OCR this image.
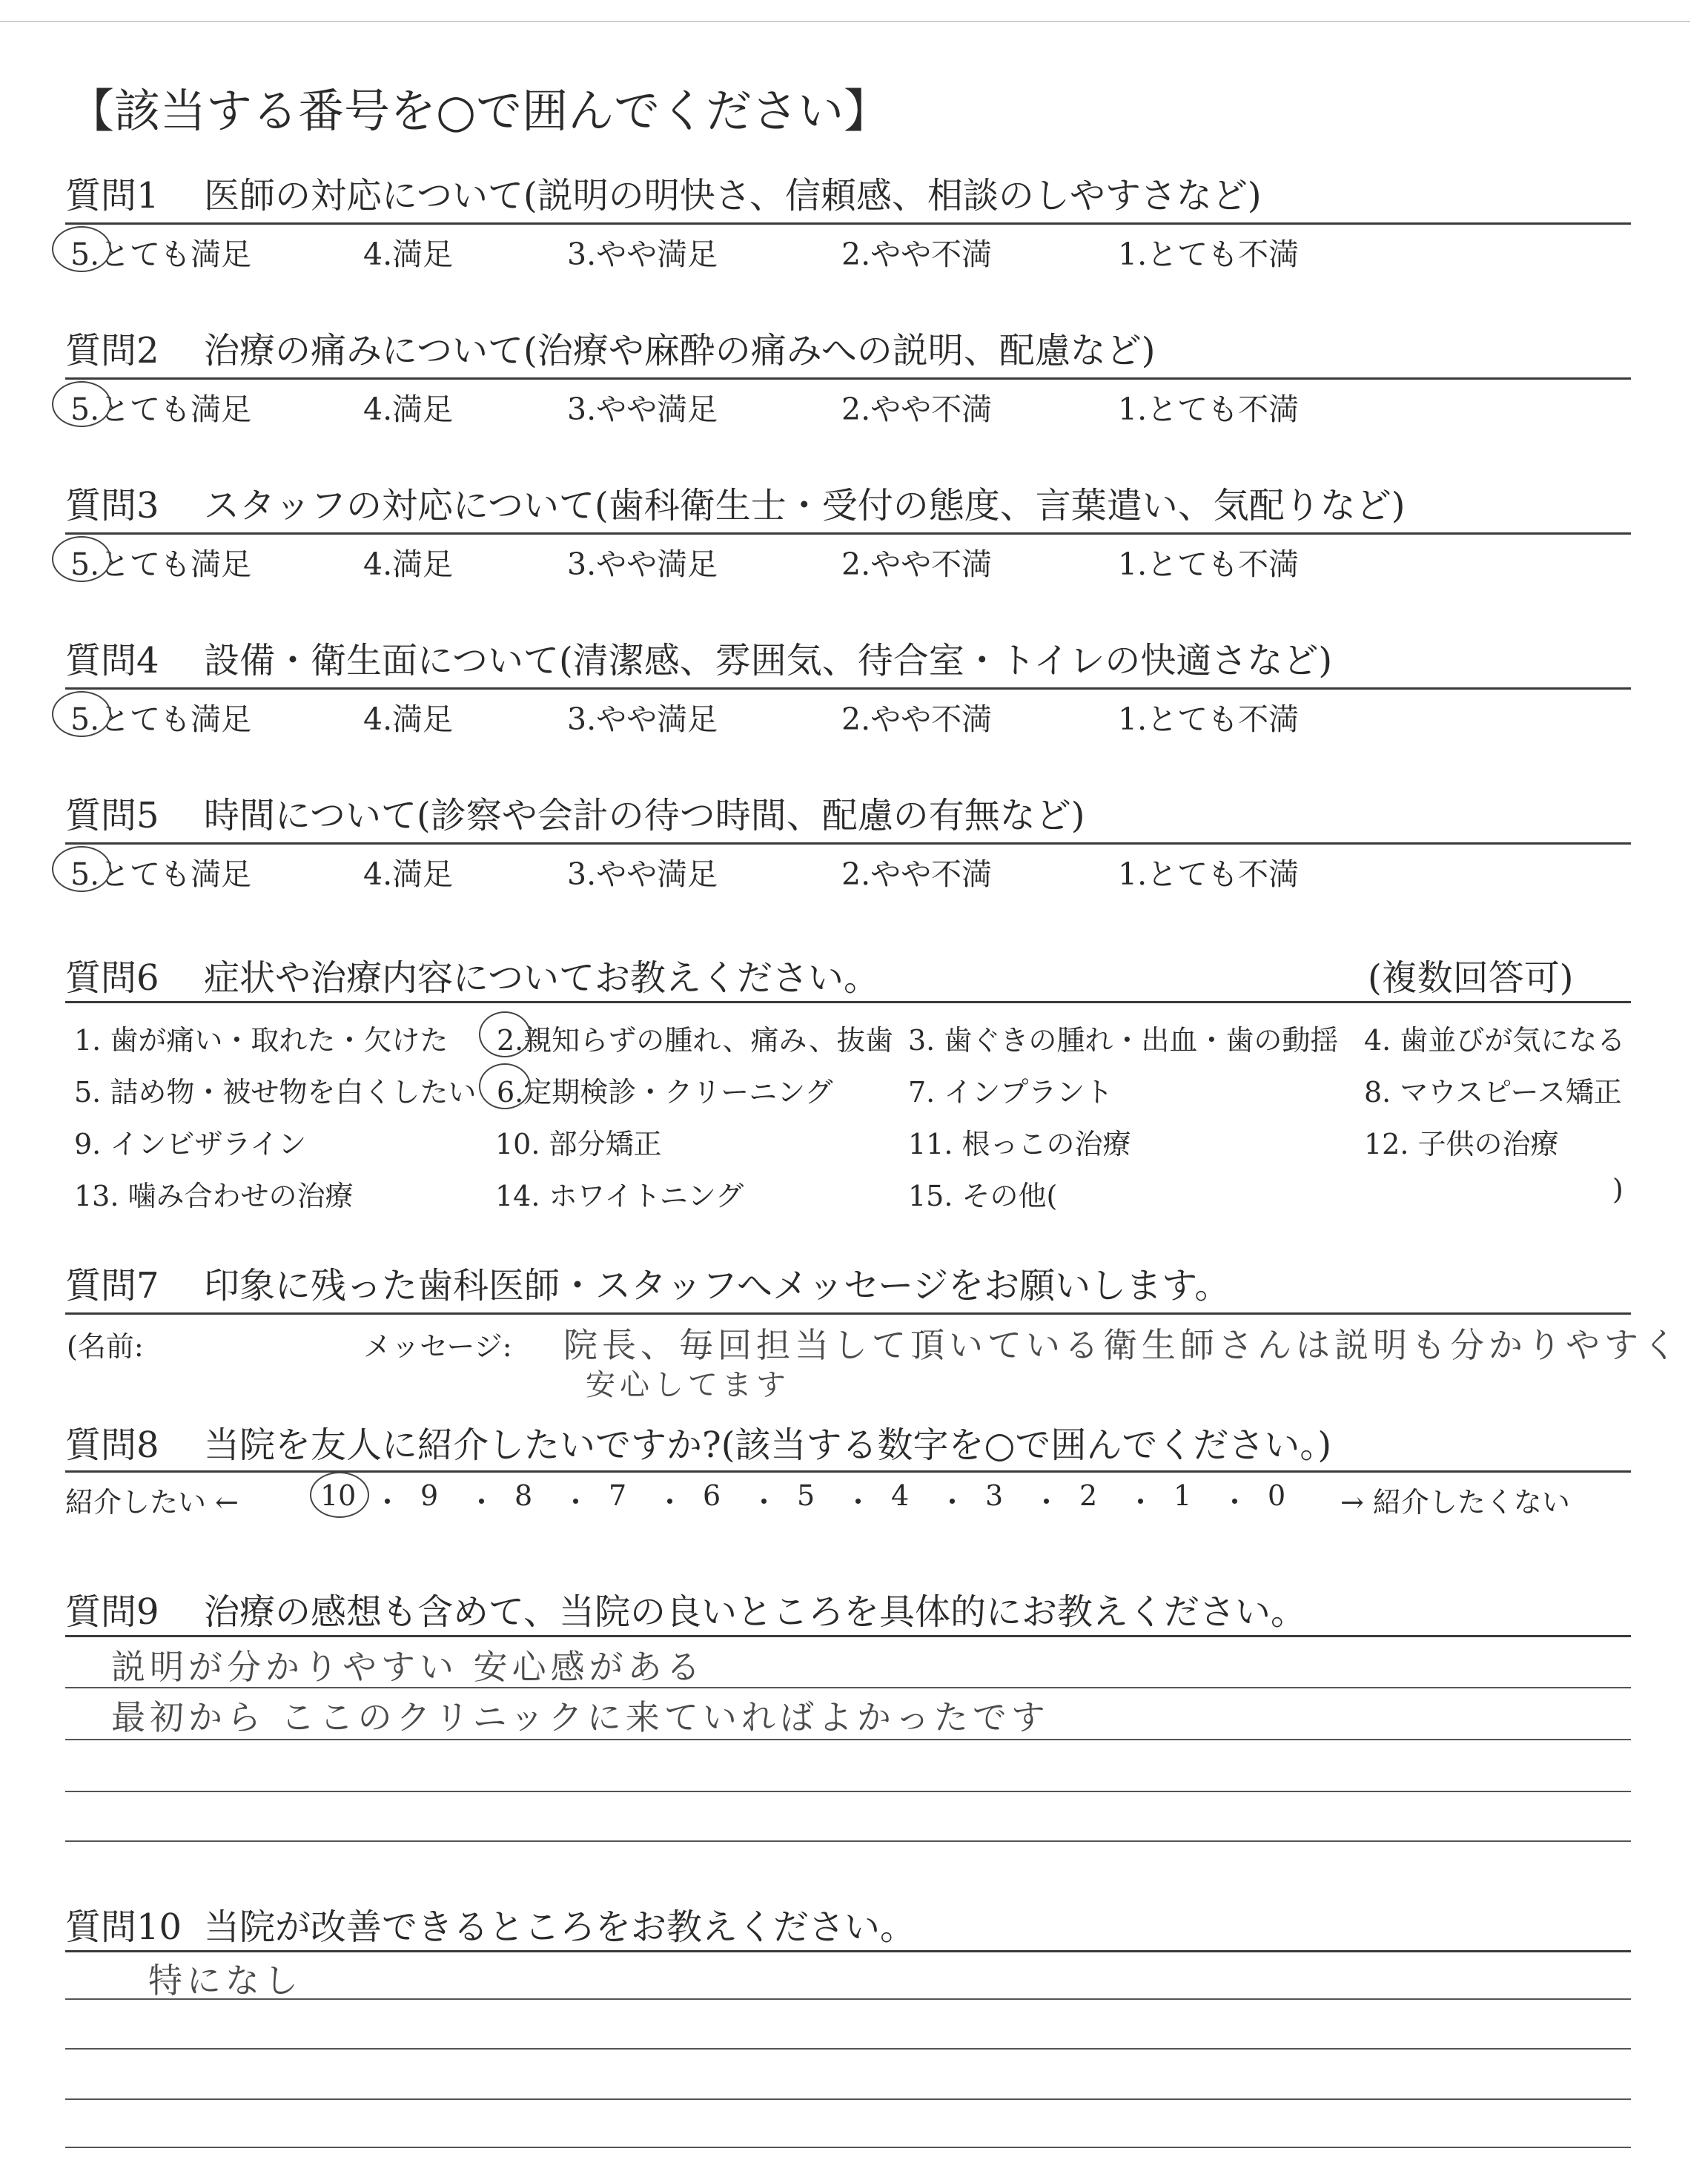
【該当する番号を○で囲んでください】
質問1 医師の対応について(説明の明快さ、信頼感、相談のしやすさなど)
5.とても満足	4.満足	3.やや満足	2.やや不満	1.とても不満
質問2 治療の痛みについて(治療や麻酔の痛みへの説明、配慮など)
5.とても満足	4.満足	3.やや満足	2.やや不満	1.とても不満
質問3 スタッフの対応について(歯科衛生士・受付の態度、言葉遣い、気配りなど)
5.とても満足	4.満足	3.やや満足	2.やや不満	1.とても不満
質問4 設備・衛生面について(清潔感、雰囲気、待合室・トイレの快適さなど)
5.とても満足	4.満足	3.やや満足	2.やや不満	1.とても不満
質問5 時間について(診察や会計の待つ時間、配慮の有無など)
5.とても満足	4.満足	3.やや満足	2.やや不満	1.とても不満
質問6 症状や治療内容についてお教えください。	(複数回答可)
1. 歯が痛い・取れた・欠けた 2.親知らずの腫れ、痛み、抜歯 3. 歯ぐきの腫れ・出血・歯の動揺 4. 歯並びが気になる
5. 詰め物・被せ物を白くしたい 6.定期検診・クリーニング	7. インプラント	8. マウスピース矯正
9. インビザライン	10. 部分矯正	11. 根っこの治療	12. 子供の治療
13. 噛み合わせの治療	14. ホワイトニング	15. その他(	)
質問7 印象に残った歯科医師・スタッフへメッセージをお願いします。
(名前:	メッセージ: 院長、毎回担当して頂いている衛生師さんは説明も分かりやすく
安心してます
質問8 当院を友人に紹介したいですか?(該当する数字を○で囲んでください。)
紹介したい ←	→ 紹介したくない
10 ・ 9 ・ 8 ・ 7 ・ 6 ・ 5 ・ 4 ・ 3 ・ 2 ・ 1 ・ 0
質問9 治療の感想も含めて、当院の良いところを具体的にお教えください。
説明が分かりやすい 安心感がある
最初から ここのクリニックに来ていればよかったです
質問10 当院が改善できるところをお教えください。
特になし
